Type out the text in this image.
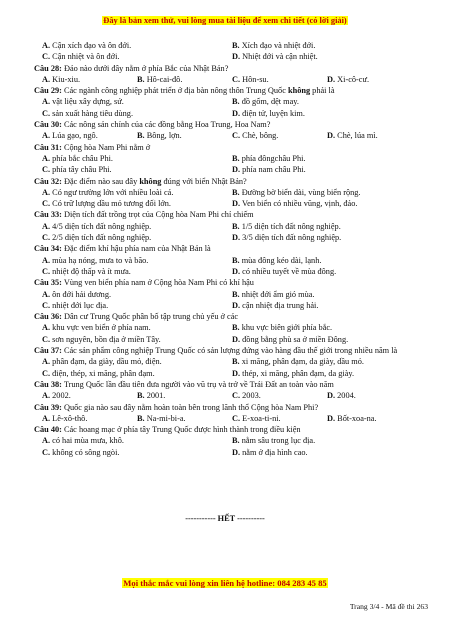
Đây là bản xem thử, vui lòng mua tài liệu để xem chi tiết (có lời giải)
A. Cận xích đạo và ôn đới.	B. Xích đạo và nhiệt đới.
C. Cận nhiệt và ôn đới.	D. Nhiệt đới và cận nhiệt.
Câu 28: Đảo nào dưới đây nằm ở phía Bắc của Nhật Bản?
A. Kiu-xiu.	B. Hô-cai-đô.	C. Hôn-su.	D. Xi-cô-cư.
Câu 29: Các ngành công nghiệp phát triển ở địa bàn nông thôn Trung Quốc không phải là
A. vật liệu xây dựng, sứ.	B. đồ gốm, dệt may.
C. sản xuất hàng tiêu dùng.	D. điện tử, luyện kim.
Câu 30: Các nông sản chính của các đồng bằng Hoa Trung, Hoa Nam?
A. Lúa gạo, ngô.	B. Bông, lợn.	C. Chè, bông.	D. Chè, lúa mì.
Câu 31: Cộng hòa Nam Phi nằm ở
A. phía bắc châu Phi.	B. phía đôngchâu Phi.
C. phía tây châu Phi.	D. phía nam châu Phi.
Câu 32: Đặc điểm nào sau đây không đúng với biển Nhật Bản?
A. Có ngư trường lớn với nhiều loài cá.	B. Đường bờ biển dài, vùng biển rộng.
C. Có trữ lượng dầu mỏ tương đối lớn.	D. Ven biển có nhiều vũng, vịnh, đảo.
Câu 33: Diện tích đất trồng trọt của Cộng hòa Nam Phi chỉ chiếm
A. 4/5 diện tích đất nông nghiệp.	B. 1/5 diện tích đất nông nghiệp.
C. 2/5 diện tích đất nông nghiệp.	D. 3/5 diện tích đất nông nghiệp.
Câu 34: Đặc điểm khí hậu phía nam của Nhật Bản là
A. mùa hạ nóng, mưa to và bão.	B. mùa đông kéo dài, lạnh.
C. nhiệt độ thấp và ít mưa.	D. có nhiều tuyết về mùa đông.
Câu 35: Vùng ven biển phía nam ở Cộng hòa Nam Phi có khí hậu
A. ôn đới hải dương.	B. nhiệt đới ẩm gió mùa.
C. nhiệt đới lục địa.	D. cận nhiệt địa trung hải.
Câu 36: Dân cư Trung Quốc phân bố tập trung chủ yếu ở các
A. khu vực ven biển ở phía nam.	B. khu vực biên giới phía bắc.
C. sơn nguyên, bồn địa ở miền Tây.	D. đồng bằng phù sa ở miền Đông.
Câu 37: Các sản phẩm công nghiệp Trung Quốc có sản lượng đứng vào hàng đầu thế giới trong nhiều năm là
A. phân đạm, da giày, dầu mỏ, điện.	B. xi măng, phân đạm, da giày, dầu mỏ.
C. điện, thép, xi măng, phân đạm.	D. thép, xi măng, phân đạm, da giày.
Câu 38: Trung Quốc lần đầu tiên đưa người vào vũ trụ và trở về Trái Đất an toàn vào năm
A. 2002.	B. 2001.	C. 2003.	D. 2004.
Câu 39: Quốc gia nào sau đây nằm hoàn toàn bên trong lãnh thổ Cộng hòa Nam Phi?
A. Lê-xô-thô.	B. Na-mi-bi-a.	C. E-xoa-ti-ni.	D. Bốt-xoa-na.
Câu 40: Các hoang mạc ở phía tây Trung Quốc được hình thành trong điều kiện
A. có hai mùa mưa, khô.	B. nằm sâu trong lục địa.
C. không có sông ngòi.	D. nằm ở địa hình cao.
----------- HẾT ----------
Mọi thắc mắc vui lòng xin liên hệ hotline: 084 283 45 85
Trang 3/4 - Mã đề thi 263
